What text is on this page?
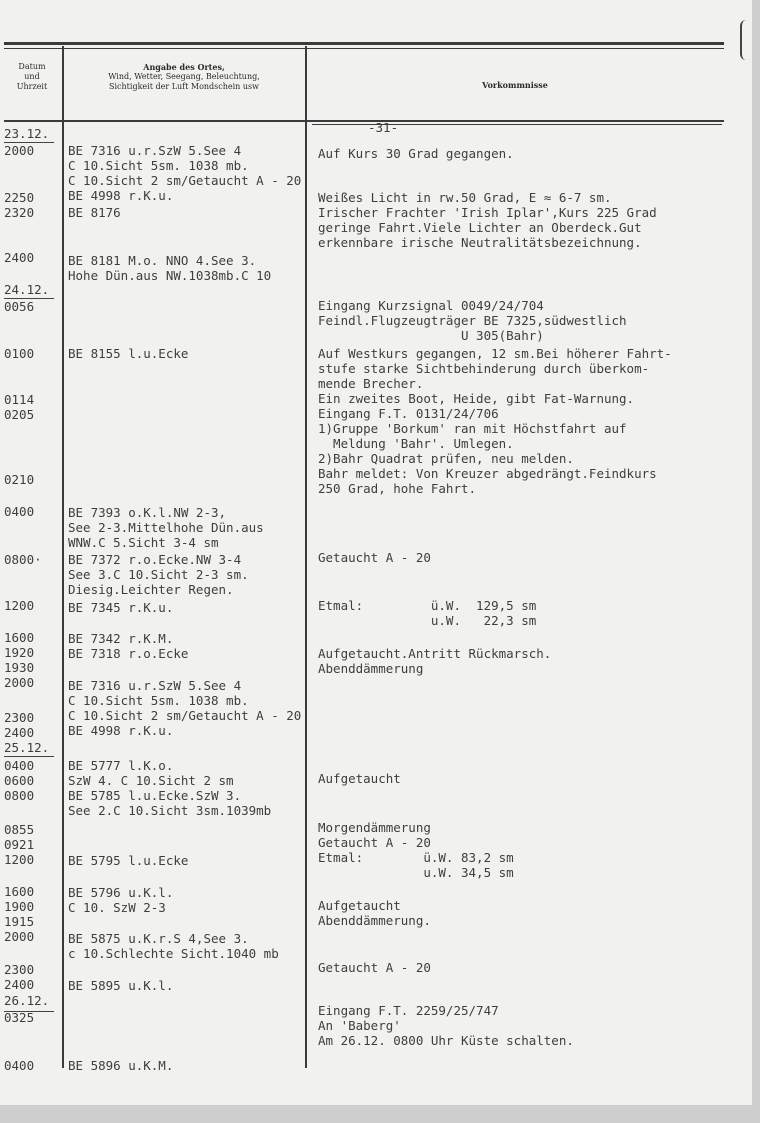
Datum
und
Uhrzeit
Angabe des Ortes,
Wind, Wetter, Seegang, Beleuchtung,
Sichtigkeit der Luft Mondschein usw	Vorkommnisse
-31-
23.12.
2000
2250
2320
2400
24.12.
0056
0100
0114
0205
0210
0400
0800·
1200
1600
1920
1930
2000
2300
2400
25.12.
0400
0600
0800
0855
0921
1200
1600
1900
1915
2000
2300
2400
26.12.
0325
0400
BE 7316 u.r.SzW 5.See 4
C 10.Sicht 5sm. 1038 mb.
C 10.Sicht 2 sm/Getaucht A - 20
BE 4998 r.K.u.
BE 8176
BE 8181 M.o. NNO 4.See 3.
Hohe Dün.aus NW.1038mb.C 10
BE 8155 l.u.Ecke
BE 7393 o.K.l.NW 2-3,
See 2-3.Mittelhohe Dün.aus
WNW.C 5.Sicht 3-4 sm
BE 7372 r.o.Ecke.NW 3-4
See 3.C 10.Sicht 2-3 sm.
Diesig.Leichter Regen.
BE 7345 r.K.u.
BE 7342 r.K.M.
BE 7318 r.o.Ecke
BE 7316 u.r.SzW 5.See 4
C 10.Sicht 5sm. 1038 mb.
C 10.Sicht 2 sm/Getaucht A - 20
BE 4998 r.K.u.
BE 5777 l.K.o.
SzW 4. C 10.Sicht 2 sm
BE 5785 l.u.Ecke.SzW 3.
See 2.C 10.Sicht 3sm.1039mb
BE 5795 l.u.Ecke
BE 5796 u.K.l.
C 10. SzW 2-3
BE 5875 u.K.r.S 4,See 3.
c 10.Schlechte Sicht.1040 mb
BE 5895 u.K.l.
BE 5896 u.K.M.
Auf Kurs 30 Grad gegangen.
Weißes Licht in rw.50 Grad, E ≈ 6-7 sm.
Irischer Frachter 'Irish Iplar',Kurs 225 Grad
geringe Fahrt.Viele Lichter an Oberdeck.Gut
erkennbare irische Neutralitätsbezeichnung.
Eingang Kurzsignal 0049/24/704
Feindl.Flugzeugträger BE 7325,südwestlich
U 305(Bahr)
Auf Westkurs gegangen, 12 sm.Bei höherer Fahrt-
stufe starke Sichtbehinderung durch überkom-
mende Brecher.
Ein zweites Boot, Heide, gibt Fat-Warnung.
Eingang F.T. 0131/24/706
1)Gruppe 'Borkum' ran mit Höchstfahrt auf
Meldung 'Bahr'. Umlegen.
2)Bahr Quadrat prüfen, neu melden.
Bahr meldet: Von Kreuzer abgedrängt.Feindkurs
250 Grad, hohe Fahrt.
Getaucht A - 20
Etmal:         ü.W.  129,5 sm
u.W.   22,3 sm
Aufgetaucht.Antritt Rückmarsch.
Abenddämmerung
Aufgetaucht
Morgendämmerung
Getaucht A - 20
Etmal:        ü.W. 83,2 sm
u.W. 34,5 sm
Aufgetaucht
Abenddämmerung.
Getaucht A - 20
Eingang F.T. 2259/25/747
An 'Baberg'
Am 26.12. 0800 Uhr Küste schalten.
